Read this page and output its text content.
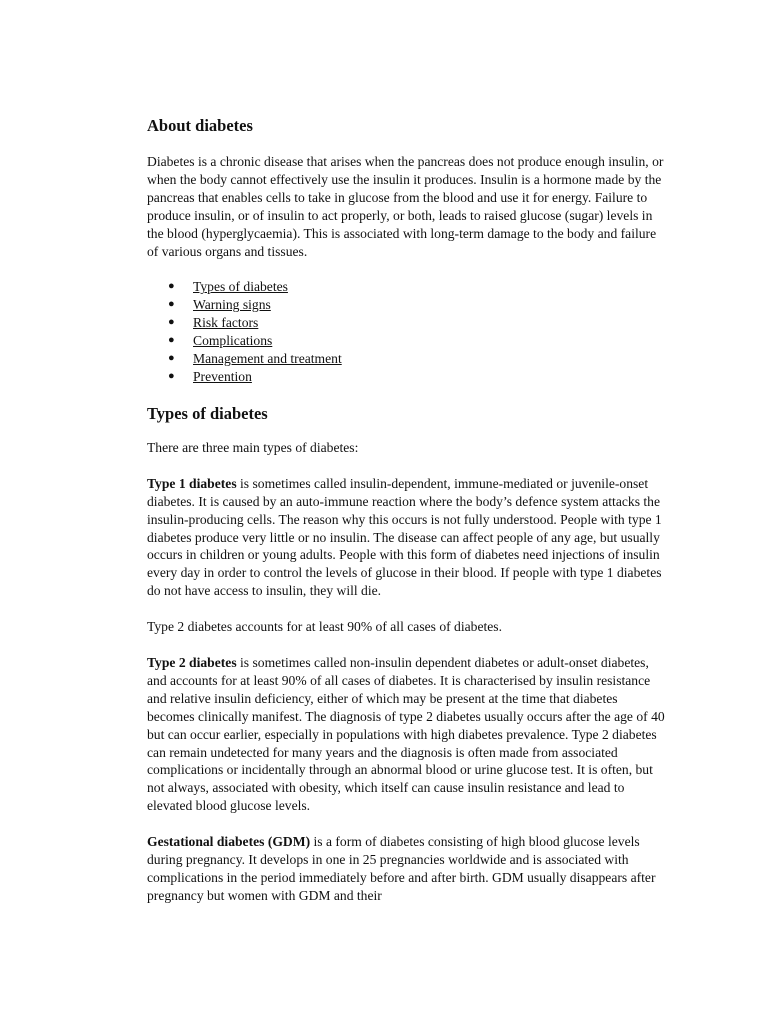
About diabetes

Diabetes is a chronic disease that arises when the pancreas does not produce enough insulin, or when the body cannot effectively use the insulin it produces. Insulin is a hormone made by the pancreas that enables cells to take in glucose from the blood and use it for energy. Failure to produce insulin, or of insulin to act properly, or both, leads to raised glucose (sugar) levels in the blood (hyperglycaemia). This is associated with long-term damage to the body and failure of various organs and tissues.

● Types of diabetes
● Warning signs
● Risk factors
● Complications
● Management and treatment
● Prevention
Types of diabetes

There are three main types of diabetes:

Type 1 diabetes is sometimes called insulin-dependent, immune-mediated or juvenile-onset diabetes. It is caused by an auto-immune reaction where the body’s defence system attacks the insulin-producing cells. The reason why this occurs is not fully understood. People with type 1 diabetes produce very little or no insulin. The disease can affect people of any age, but usually occurs in children or young adults. People with this form of diabetes need injections of insulin every day in order to control the levels of glucose in their blood. If people with type 1 diabetes do not have access to insulin, they will die.

Type 2 diabetes accounts for at least 90% of all cases of diabetes.

Type 2 diabetes is sometimes called non-insulin dependent diabetes or adult-onset diabetes, and accounts for at least 90% of all cases of diabetes. It is characterised by insulin resistance and relative insulin deficiency, either of which may be present at the time that diabetes becomes clinically manifest. The diagnosis of type 2 diabetes usually occurs after the age of 40 but can occur earlier, especially in populations with high diabetes prevalence. Type 2 diabetes can remain undetected for many years and the diagnosis is often made from associated complications or incidentally through an abnormal blood or urine glucose test. It is often, but not always, associated with obesity, which itself can cause insulin resistance and lead to elevated blood glucose levels.

Gestational diabetes (GDM) is a form of diabetes consisting of high blood glucose levels during pregnancy. It develops in one in 25 pregnancies worldwide and is associated with complications in the period immediately before and after birth. GDM usually disappears after pregnancy but women with GDM and their
